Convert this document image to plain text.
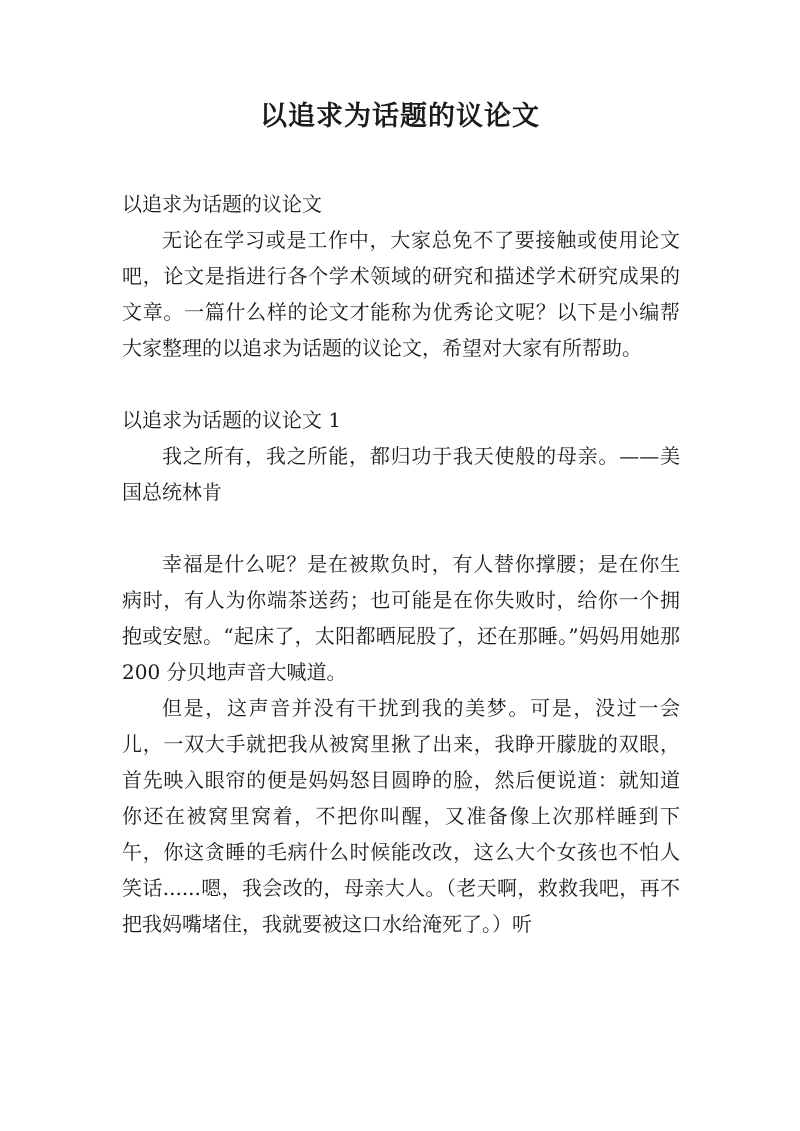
以追求为话题的议论文

以追求为话题的议论文

无论在学习或是工作中，大家总免不了要接触或使用论文吧，论文是指进行各个学术领域的研究和描述学术研究成果的文章。一篇什么样的论文才能称为优秀论文呢？以下是小编帮大家整理的以追求为话题的议论文，希望对大家有所帮助。

以追求为话题的议论文 1

我之所有，我之所能，都归功于我天使般的母亲。——美国总统林肯

幸福是什么呢？是在被欺负时，有人替你撑腰；是在你生病时，有人为你端茶送药；也可能是在你失败时，给你一个拥抱或安慰。“起床了，太阳都晒屁股了，还在那睡。”妈妈用她那 200 分贝地声音大喊道。

但是，这声音并没有干扰到我的美梦。可是，没过一会儿，一双大手就把我从被窝里揪了出来，我睁开朦胧的双眼，首先映入眼帘的便是妈妈怒目圆睁的脸，然后便说道：就知道你还在被窝里窝着，不把你叫醒，又准备像上次那样睡到下午，你这贪睡的毛病什么时候能改改，这么大个女孩也不怕人笑话......嗯，我会改的，母亲大人。（老天啊，救救我吧，再不把我妈嘴堵住，我就要被这口水给淹死了。）听
